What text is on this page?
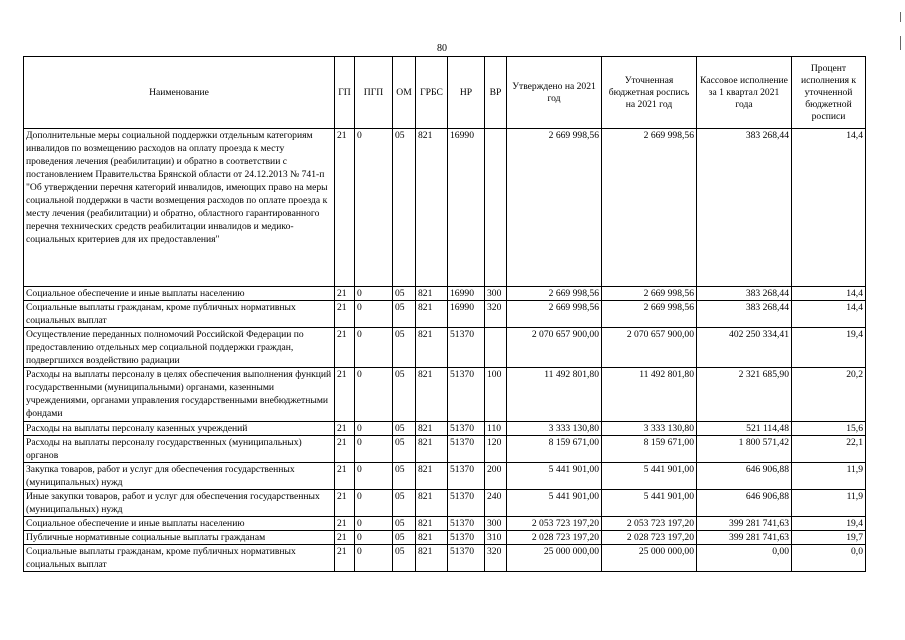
80
Наименование	ГП	ПГП	ОМ	ГРБС	НР	ВР	Утверждено на 2021 год	Уточненная бюджетная роспись на 2021 год	Кассовое исполнение за 1 квартал 2021 года	Процент исполнения к уточненной бюджетной росписи
Дополнительные меры социальной поддержки отдельным категориям инвалидов по возмещению расходов на оплату проезда к месту проведения лечения (реабилитации) и обратно в соответствии с постановлением Правительства Брянской области от 24.12.2013 № 741-п "Об утверждении перечня категорий инвалидов, имеющих право на меры социальной поддержки в части возмещения расходов по оплате проезда к месту лечения (реабилитации) и обратно, областного гарантированного перечня технических средств реабилитации инвалидов и медико-социальных критериев для их предоставления"	21	0	05	821	16990		2 669 998,56	2 669 998,56	383 268,44	14,4
Социальное обеспечение и иные выплаты населению	21	0	05	821	16990	300	2 669 998,56	2 669 998,56	383 268,44	14,4
Социальные выплаты гражданам, кроме публичных нормативных социальных выплат	21	0	05	821	16990	320	2 669 998,56	2 669 998,56	383 268,44	14,4
Осуществление переданных полномочий Российской Федерации по предоставлению отдельных мер социальной поддержки граждан, подвергшихся воздействию радиации	21	0	05	821	51370		2 070 657 900,00	2 070 657 900,00	402 250 334,41	19,4
Расходы на выплаты персоналу в целях обеспечения выполнения функций государственными (муниципальными) органами, казенными учреждениями, органами управления государственными внебюджетными фондами	21	0	05	821	51370	100	11 492 801,80	11 492 801,80	2 321 685,90	20,2
Расходы на выплаты персоналу казенных учреждений	21	0	05	821	51370	110	3 333 130,80	3 333 130,80	521 114,48	15,6
Расходы на выплаты персоналу государственных (муниципальных) органов	21	0	05	821	51370	120	8 159 671,00	8 159 671,00	1 800 571,42	22,1
Закупка товаров, работ и услуг для обеспечения государственных (муниципальных) нужд	21	0	05	821	51370	200	5 441 901,00	5 441 901,00	646 906,88	11,9
Иные закупки товаров, работ и услуг для обеспечения государственных (муниципальных) нужд	21	0	05	821	51370	240	5 441 901,00	5 441 901,00	646 906,88	11,9
Социальное обеспечение и иные выплаты населению	21	0	05	821	51370	300	2 053 723 197,20	2 053 723 197,20	399 281 741,63	19,4
Публичные нормативные социальные выплаты гражданам	21	0	05	821	51370	310	2 028 723 197,20	2 028 723 197,20	399 281 741,63	19,7
Социальные выплаты гражданам, кроме публичных нормативных социальных выплат	21	0	05	821	51370	320	25 000 000,00	25 000 000,00	0,00	0,0
